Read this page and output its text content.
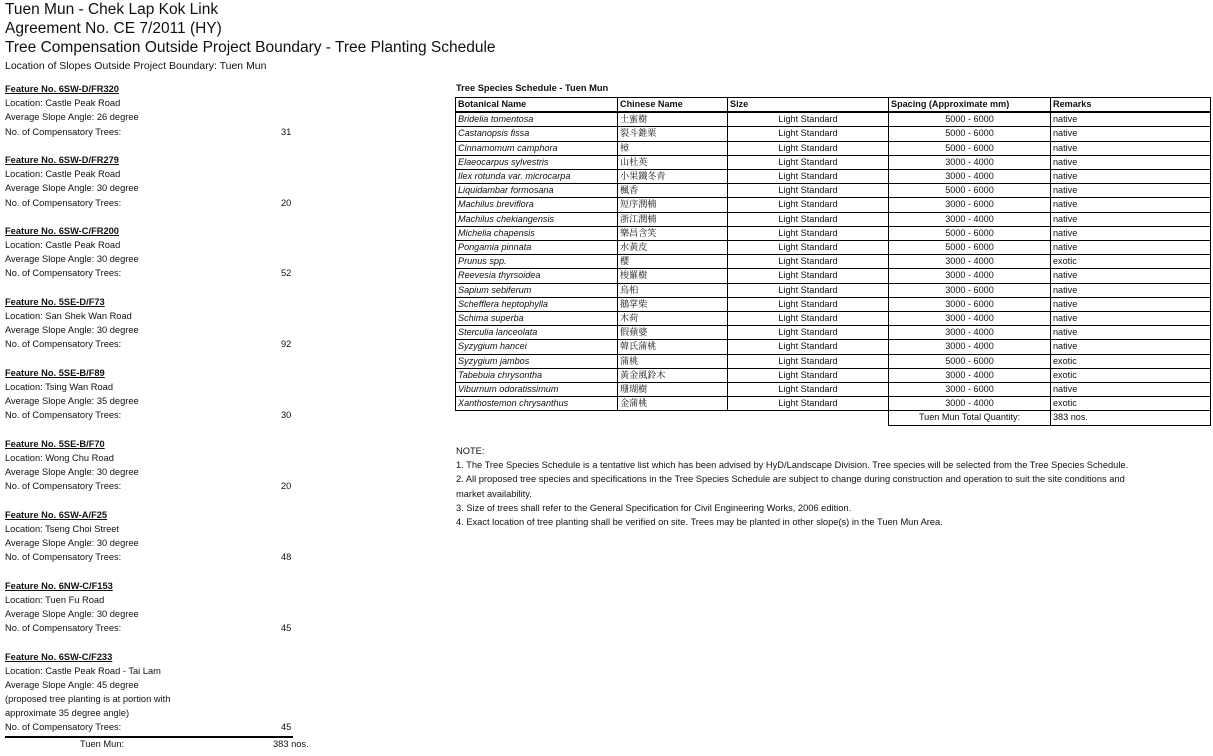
Tuen Mun - Chek Lap Kok Link
Agreement No. CE 7/2011 (HY)
Tree Compensation Outside Project Boundary - Tree Planting Schedule
Location of Slopes Outside Project Boundary: Tuen Mun
Feature No. 6SW-D/FR320
Location: Castle Peak Road
Average Slope Angle: 26 degree
No. of Compensatory Trees:	31
Feature No. 6SW-D/FR279
Location: Castle Peak Road
Average Slope Angle: 30 degree
No. of Compensatory Trees:	20
Feature No. 6SW-C/FR200
Location: Castle Peak Road
Average Slope Angle: 30 degree
No. of Compensatory Trees:	52
Feature No. 5SE-D/F73
Location: San Shek Wan Road
Average Slope Angle: 30 degree
No. of Compensatory Trees:	92
Feature No. 5SE-B/F89
Location: Tsing Wan Road
Average Slope Angle: 35 degree
No. of Compensatory Trees:	30
Feature No. 5SE-B/F70
Location: Wong Chu Road
Average Slope Angle: 30 degree
No. of Compensatory Trees:	20
Feature No. 6SW-A/F25
Location: Tseng Choi Street
Average Slope Angle: 30 degree
No. of Compensatory Trees:	48
Feature No. 6NW-C/F153
Location: Tuen Fu Road
Average Slope Angle: 30 degree
No. of Compensatory Trees:	45
Feature No. 6SW-C/F233
Location: Castle Peak Road - Tai Lam
Average Slope Angle: 45 degree
(proposed tree planting is at portion with
approximate 35 degree angle)
No. of Compensatory Trees:	45
Tuen Mun:	383 nos.
Tree Species Schedule - Tuen Mun
Botanical Name	Chinese Name	Size	Spacing (Approximate mm)	Remarks
Bridelia tomentosa	土蜜樹	Light Standard	5000 - 6000	native
Castanopsis fissa	裂斗錐栗	Light Standard	5000 - 6000	native
Cinnamomum camphora	樟	Light Standard	5000 - 6000	native
Elaeocarpus sylvestris	山杜英	Light Standard	3000 - 4000	native
Ilex rotunda var. microcarpa	小果鐵冬青	Light Standard	3000 - 4000	native
Liquidambar formosana	楓香	Light Standard	5000 - 6000	native
Machilus breviflora	短序潤楠	Light Standard	3000 - 6000	native
Machilus chekiangensis	浙江潤楠	Light Standard	3000 - 4000	native
Michelia chapensis	樂昌含笑	Light Standard	5000 - 6000	native
Pongamia pinnata	水黃皮	Light Standard	5000 - 6000	native
Prunus spp.	櫻	Light Standard	3000 - 4000	exotic
Reevesia thyrsoidea	梭羅樹	Light Standard	3000 - 4000	native
Sapium sebiferum	烏桕	Light Standard	3000 - 6000	native
Schefflera heptophylla	鵝掌柴	Light Standard	3000 - 6000	native
Schima superba	木荷	Light Standard	3000 - 4000	native
Sterculia lanceolata	假蘋婆	Light Standard	3000 - 4000	native
Syzygium hancei	韓氏蒲桃	Light Standard	3000 - 4000	native
Syzygium jambos	蒲桃	Light Standard	5000 - 6000	exotic
Tabebuia chrysontha	黃金風鈴木	Light Standard	3000 - 4000	exotic
Viburnum odoratissimum	珊瑚樹	Light Standard	3000 - 6000	native
Xanthostemon chrysanthus	金蒲桃	Light Standard	3000 - 4000	exotic
			Tuen Mun Total Quantity:	383 nos.
NOTE:
1. The Tree Species Schedule is a tentative list which has been advised by HyD/Landscape Division. Tree species will be selected from the Tree Species Schedule.
2. All proposed tree species and specifications in the Tree Species Schedule are subject to change during construction and operation to suit the site conditions and
market availability.
3. Size of trees shall refer to the General Specification for Civil Engineering Works, 2006 edition.
4. Exact location of tree planting shall be verified on site. Trees may be planted in other slope(s) in the Tuen Mun Area.
